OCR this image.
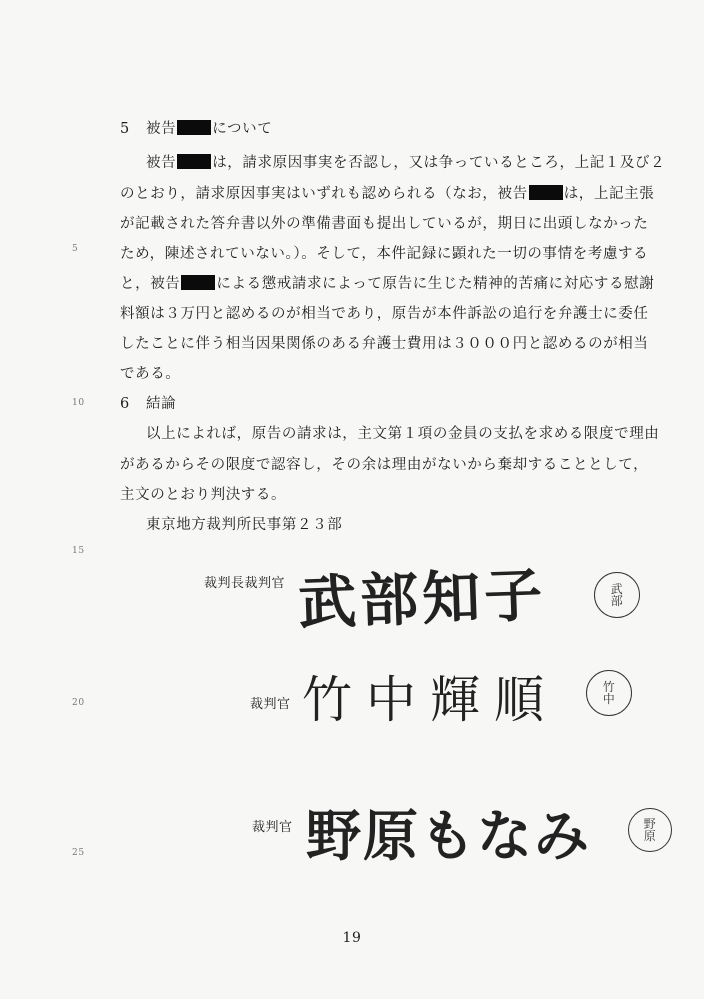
5
10
15
20
25
5 被告 について
被告 は，請求原因事実を否認し，又は争っているところ，上記１及び２
のとおり，請求原因事実はいずれも認められる（なお，被告 は，上記主張
が記載された答弁書以外の準備書面も提出しているが，期日に出頭しなかった
ため，陳述されていない。）。そして，本件記録に顕れた一切の事情を考慮する
と，被告 による懲戒請求によって原告に生じた精神的苦痛に対応する慰謝
料額は３万円と認めるのが相当であり，原告が本件訴訟の追行を弁護士に委任
したことに伴う相当因果関係のある弁護士費用は３０００円と認めるのが相当
である。
6 結論
以上によれば，原告の請求は，主文第１項の金員の支払を求める限度で理由
があるからその限度で認容し，その余は理由がないから棄却することとして，
主文のとおり判決する。
東京地方裁判所民事第２３部
裁判長裁判官 武部知子	武
部
裁判官 竹中輝順	竹
中
裁判官 野原もなみ	野
原
19
